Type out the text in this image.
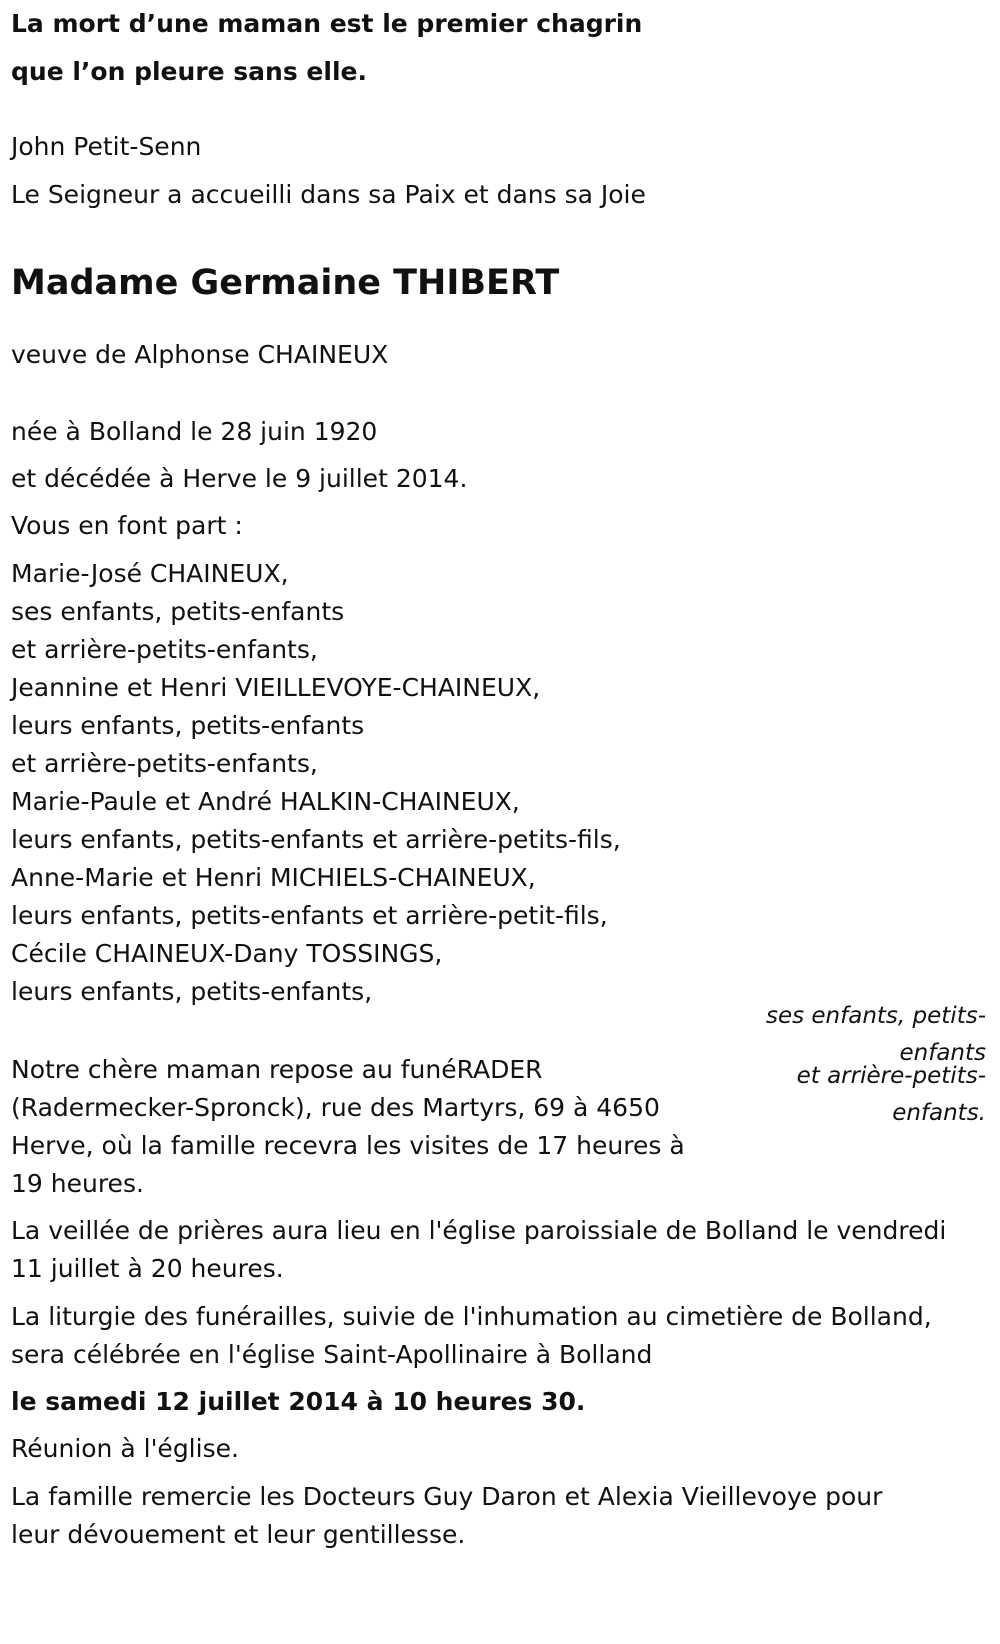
La mort d’une maman est le premier chagrin
que l’on pleure sans elle.
John Petit-Senn
Le Seigneur a accueilli dans sa Paix et dans sa Joie
Madame Germaine THIBERT
veuve de Alphonse CHAINEUX
née à Bolland le 28 juin 1920
et décédée à Herve le 9 juillet 2014.
Vous en font part :
Marie-José CHAINEUX,
ses enfants, petits-enfants
et arrière-petits-enfants,
Jeannine et Henri VIEILLEVOYE-CHAINEUX,
leurs enfants, petits-enfants
et arrière-petits-enfants,
Marie-Paule et André HALKIN-CHAINEUX,
leurs enfants, petits-enfants et arrière-petits-fils,
Anne-Marie et Henri MICHIELS-CHAINEUX,
leurs enfants, petits-enfants et arrière-petit-fils,
Cécile CHAINEUX-Dany TOSSINGS,
leurs enfants, petits-enfants,
ses enfants, petits-
enfants
et arrière-petits-
enfants.
Notre chère maman repose au funéRADER
(Radermecker-Spronck), rue des Martyrs, 69 à 4650
Herve, où la famille recevra les visites de 17 heures à
19 heures.
La veillée de prières aura lieu en l'église paroissiale de Bolland le vendredi
11 juillet à 20 heures.
La liturgie des funérailles, suivie de l'inhumation au cimetière de Bolland,
sera célébrée en l'église Saint-Apollinaire à Bolland
le samedi 12 juillet 2014 à 10 heures 30.
Réunion à l'église.
La famille remercie les Docteurs Guy Daron et Alexia Vieillevoye pour
leur dévouement et leur gentillesse.
